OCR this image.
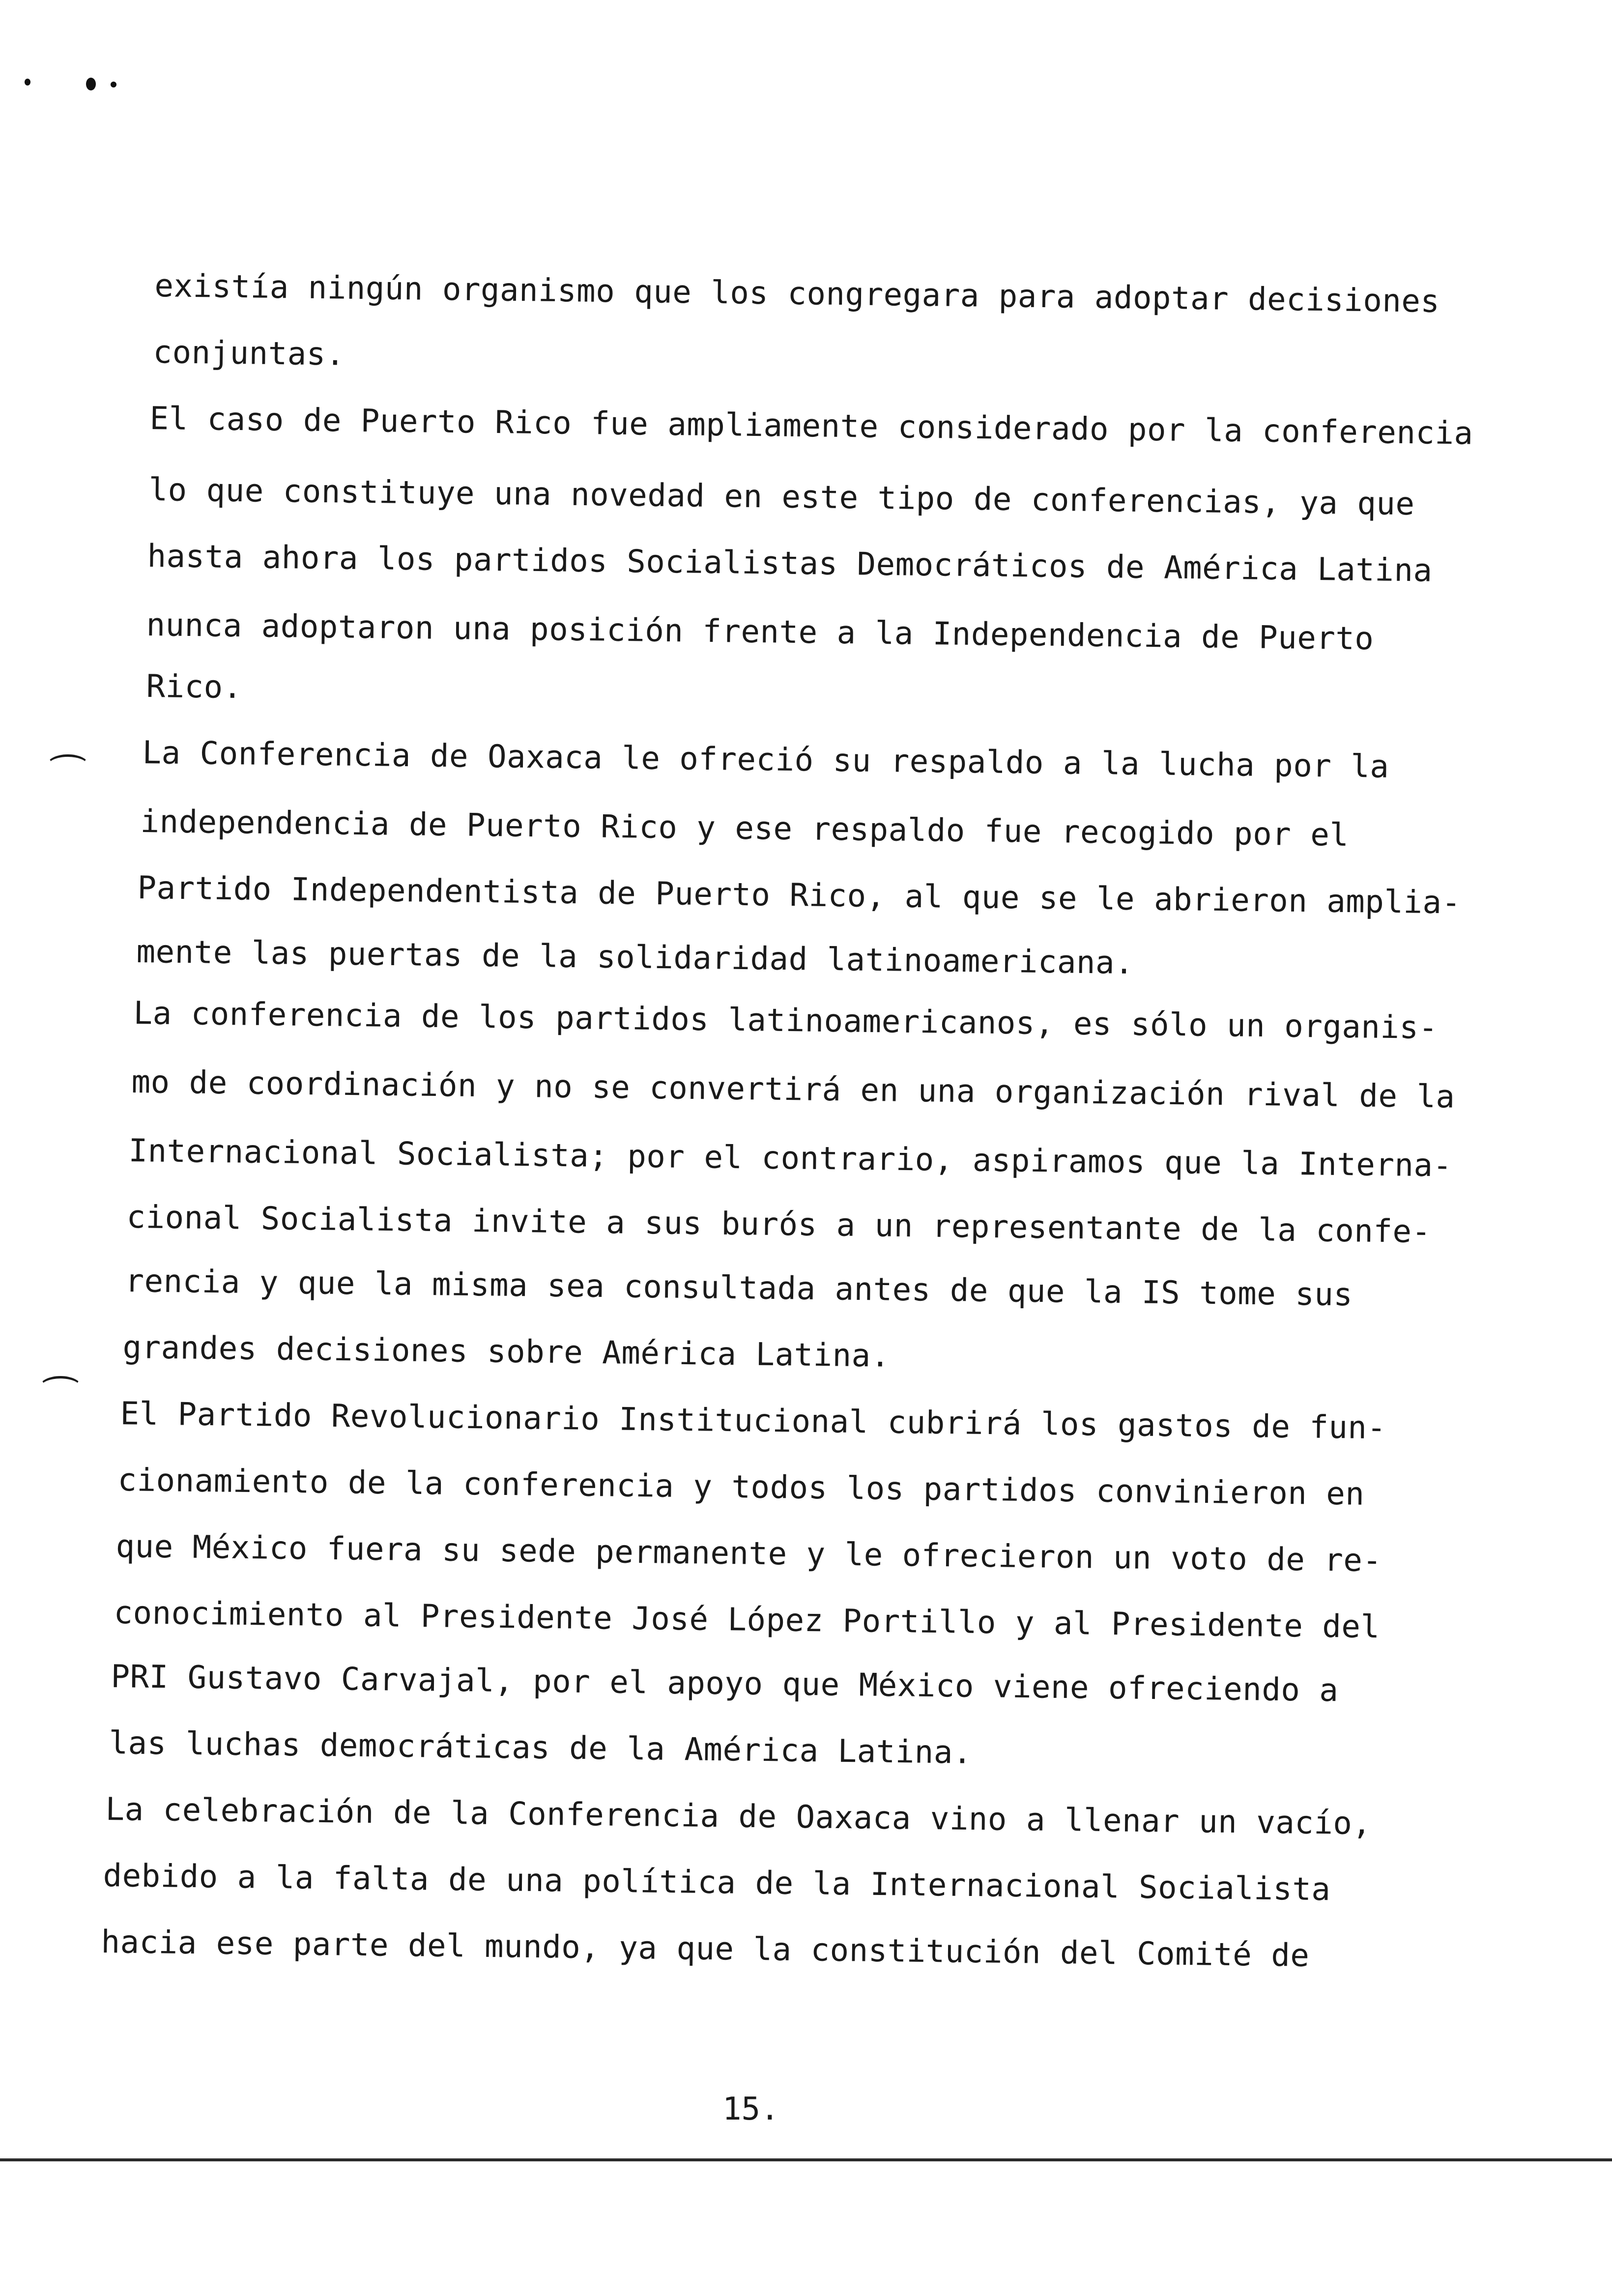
existía ningún organismo que los congregara para adoptar decisiones
conjuntas.
El caso de Puerto Rico fue ampliamente considerado por la conferencia
lo que constituye una novedad en este tipo de conferencias, ya que
hasta ahora los partidos Socialistas Democráticos de América Latina
nunca adoptaron una posición frente a la Independencia de Puerto
Rico.
La Conferencia de Oaxaca le ofreció su respaldo a la lucha por la
independencia de Puerto Rico y ese respaldo fue recogido por el
Partido Independentista de Puerto Rico, al que se le abrieron amplia-
mente las puertas de la solidaridad latinoamericana.
La conferencia de los partidos latinoamericanos, es sólo un organis-
mo de coordinación y no se convertirá en una organización rival de la
Internacional Socialista; por el contrario, aspiramos que la Interna-
cional Socialista invite a sus burós a un representante de la confe-
rencia y que la misma sea consultada antes de que la IS tome sus
grandes decisiones sobre América Latina.
El Partido Revolucionario Institucional cubrirá los gastos de fun-
cionamiento de la conferencia y todos los partidos convinieron en
que México fuera su sede permanente y le ofrecieron un voto de re-
conocimiento al Presidente José López Portillo y al Presidente del
PRI Gustavo Carvajal, por el apoyo que México viene ofreciendo a
las luchas democráticas de la América Latina.
La celebración de la Conferencia de Oaxaca vino a llenar un vacío,
debido a la falta de una política de la Internacional Socialista
hacia ese parte del mundo, ya que la constitución del Comité de
15.
